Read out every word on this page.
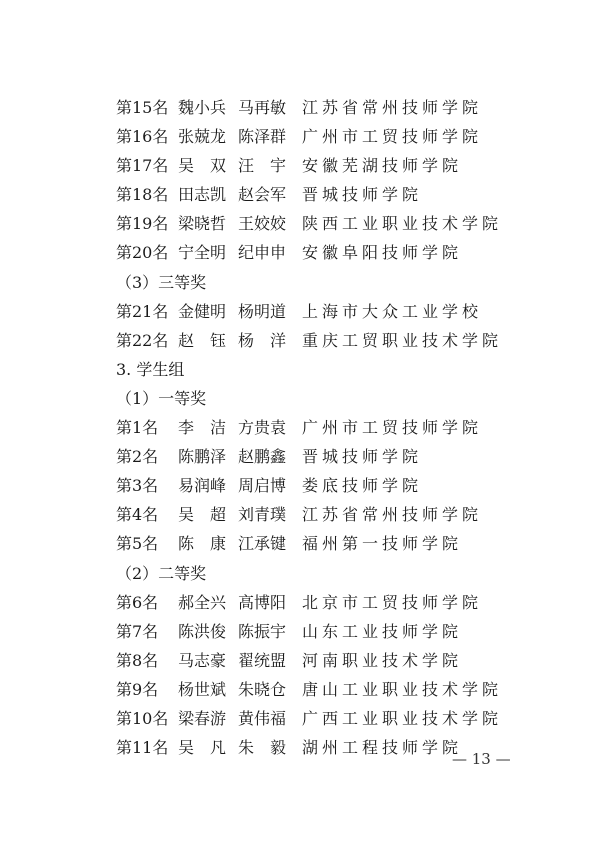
第15名 魏小兵 马再敏 江苏省常州技师学院
第16名 张兢龙 陈泽群 广州市工贸技师学院
第17名 吴　双 汪　宇 安徽芜湖技师学院
第18名 田志凯 赵会军 晋城技师学院
第19名 梁晓哲 王姣姣 陕西工业职业技术学院
第20名 宁全明 纪申申 安徽阜阳技师学院
（3）三等奖
第21名 金健明 杨明道 上海市大众工业学校
第22名 赵　钰 杨　洋 重庆工贸职业技术学院
3. 学生组
（1）一等奖
第1名 李　洁 方贵袁 广州市工贸技师学院
第2名 陈鹏泽 赵鹏鑫 晋城技师学院
第3名 易润峰 周启博 娄底技师学院
第4名 吴　超 刘青璞 江苏省常州技师学院
第5名 陈　康 江承键 福州第一技师学院
（2）二等奖
第6名 郝全兴 高博阳 北京市工贸技师学院
第7名 陈洪俊 陈振宇 山东工业技师学院
第8名 马志豪 翟统盟 河南职业技术学院
第9名 杨世斌 朱晓仓 唐山工业职业技术学院
第10名 梁春游 黄伟福 广西工业职业技术学院
第11名 吴　凡 朱　毅 湖州工程技师学院
— 13 —
